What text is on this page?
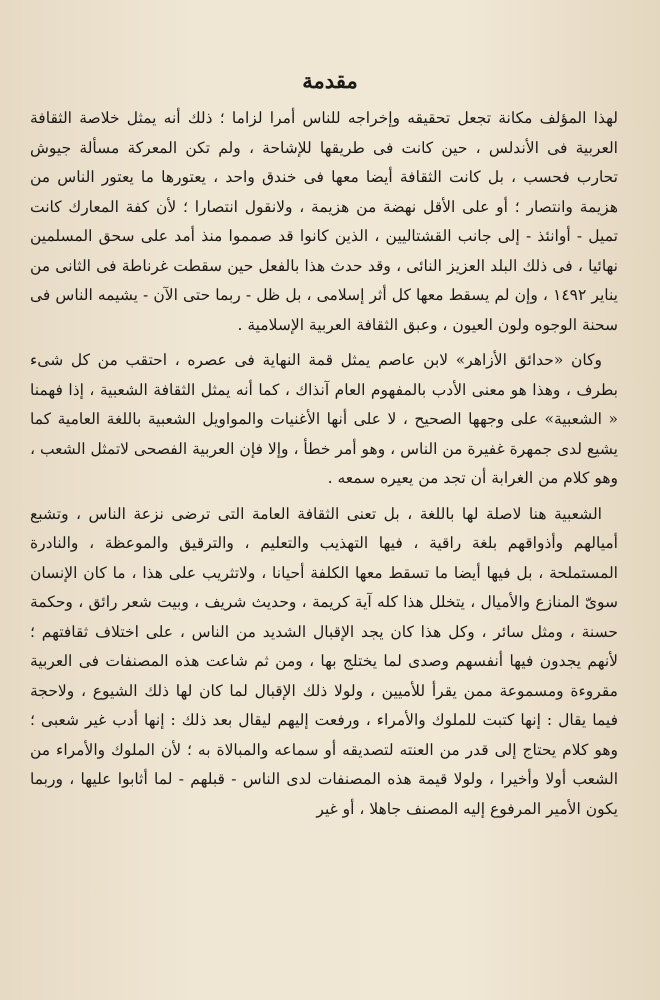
مقدمة

لهذا المؤلف مكانة تجعل تحقيقه وإخراجه للناس أمرا لزاما ؛ ذلك أنه يمثل خلاصة الثقافة العربية فى الأندلس ، حين كانت فى طريقها للإشاحة ، ولم تكن المعركة مسألة جيوش تحارب فحسب ، بل كانت الثقافة أيضا معها فى خندق واحد ، يعتورها ما يعتور الناس من هزيمة وانتصار ؛ أو على الأقل نهضة من هزيمة ، ولانقول انتصارا ؛ لأن كفة المعارك كانت تميل - أوانئذ - إلى جانب القشتاليين ، الذين كانوا قد صمموا منذ أمد على سحق المسلمين نهائيا ، فى ذلك البلد العزيز النائى ، وقد حدث هذا بالفعل حين سقطت غرناطة فى الثانى من يناير ١٤٩٢ ، وإن لم يسقط معها كل أثر إسلامى ، بل ظل - ربما حتى الآن - يشيمه الناس فى سحنة الوجوه ولون العيون ، وعبق الثقافة العربية الإسلامية .

وكان «حدائق الأزاهر» لابن عاصم يمثل قمة النهاية فى عصره ، احتقب من كل شىء بطرف ، وهذا هو معنى الأدب بالمفهوم العام آنذاك ، كما أنه يمثل الثقافة الشعبية ، إذا فهمنا « الشعبية» على وجهها الصحيح ، لا على أنها الأغنيات والمواويل الشعبية باللغة العامية كما يشيع لدى جمهرة غفيرة من الناس ، وهو أمر خطأ ، وإلا فإن العربية الفصحى لاتمثل الشعب ، وهو كلام من الغرابة أن تجد من يعيره سمعه .

الشعبية هنا لاصلة لها باللغة ، بل تعنى الثقافة العامة التى ترضى نزعة الناس ، وتشبع أميالهم وأذواقهم بلغة راقية ، فيها التهذيب والتعليم ، والترقيق والموعظة ، والنادرة المستملحة ، بل فيها أيضا ما تسقط معها الكلفة أحيانا ، ولاتثريب على هذا ، ما كان الإنسان سوىّ المنازع والأميال ، يتخلل هذا كله آية كريمة ، وحديث شريف ، وبيت شعر رائق ، وحكمة حسنة ، ومثل سائر ، وكل هذا كان يجد الإقبال الشديد من الناس ، على اختلاف ثقافتهم ؛ لأنهم يجدون فيها أنفسهم وصدى لما يختلج بها ، ومن ثم شاعت هذه المصنفات فى العربية مقروءة ومسموعة ممن يقرأ للأميين ، ولولا ذلك الإقبال لما كان لها ذلك الشيوع ، ولاحجة فيما يقال : إنها كتبت للملوك والأمراء ، ورفعت إليهم ليقال بعد ذلك : إنها أدب غير شعبى ؛ وهو كلام يحتاج إلى قدر من العنته لتصديقه أو سماعه والمبالاة به ؛ لأن الملوك والأمراء من الشعب أولا وأخيرا ، ولولا قيمة هذه المصنفات لدى الناس - قبلهم - لما أثابوا عليها ، وربما يكون الأمير المرفوع إليه المصنف جاهلا ، أو غير
